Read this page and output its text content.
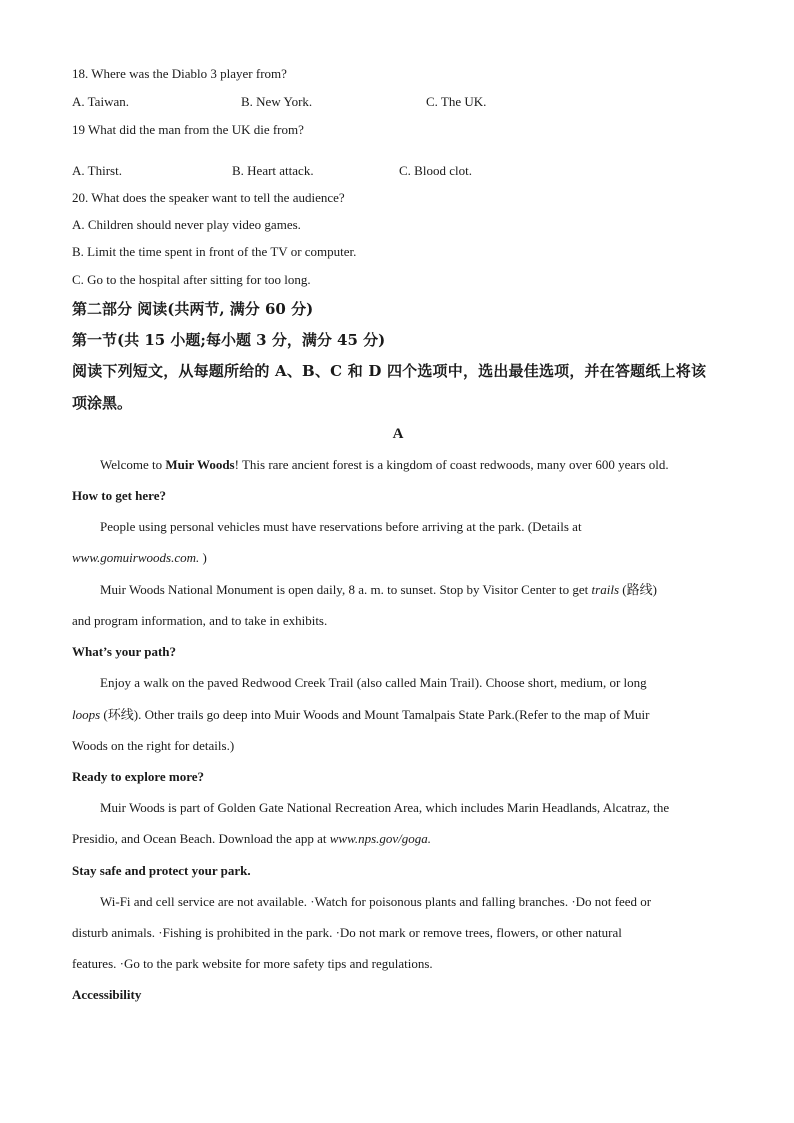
18. Where was the Diablo 3 player from?
A. Taiwan.	B. New York.	C. The UK.
19 What did the man from the UK die from?
A. Thirst.	B. Heart attack.	C. Blood clot.
20. What does the speaker want to tell the audience?
A. Children should never play video games.
B. Limit the time spent in front of the TV or computer.
C. Go to the hospital after sitting for too long.
第二部分 阅读(共两节, 满分 60 分)
第一节(共 15 小题;每小题 3 分，满分 45 分)
阅读下列短文，从每题所给的 A、B、C 和 D 四个选项中，选出最佳选项，并在答题纸上将该
项涂黑。
A
Welcome to Muir Woods! This rare ancient forest is a kingdom of coast redwoods, many over 600 years old.
How to get here?
People using personal vehicles must have reservations before arriving at the park. (Details at
www.gomuirwoods.com. )
Muir Woods National Monument is open daily, 8 a. m. to sunset. Stop by Visitor Center to get trails (路线)
and program information, and to take in exhibits.
What’s your path?
Enjoy a walk on the paved Redwood Creek Trail (also called Main Trail). Choose short, medium, or long
loops (环线). Other trails go deep into Muir Woods and Mount Tamalpais State Park.(Refer to the map of Muir
Woods on the right for details.)
Ready to explore more?
Muir Woods is part of Golden Gate National Recreation Area, which includes Marin Headlands, Alcatraz, the
Presidio, and Ocean Beach. Download the app at www.nps.gov/goga.
Stay safe and protect your park.
Wi-Fi and cell service are not available. ·Watch for poisonous plants and falling branches. ·Do not feed or
disturb animals. ·Fishing is prohibited in the park. ·Do not mark or remove trees, flowers, or other natural
features. ·Go to the park website for more safety tips and regulations.
Accessibility
